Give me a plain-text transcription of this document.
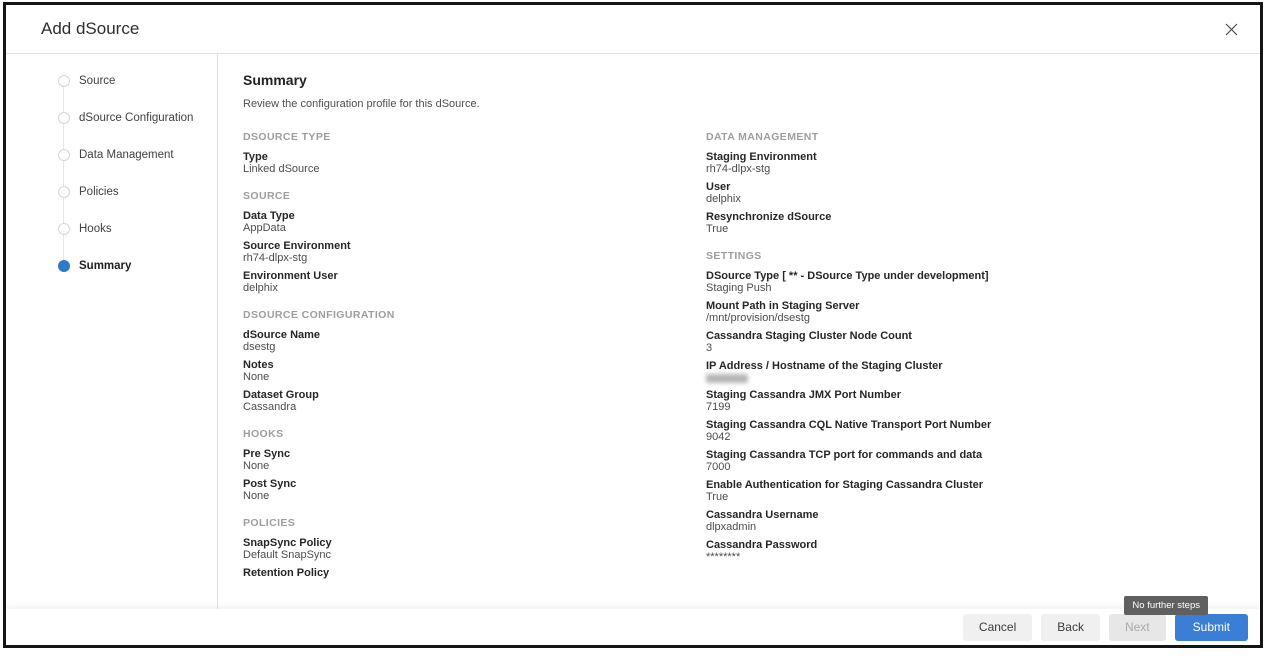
Add dSource
Source
dSource Configuration
Data Management
Policies
Hooks
Summary
Summary

Review the configuration profile for this dSource.

DSOURCE TYPE
Type
Linked dSource
SOURCE
Data Type
AppData
Source Environment
rh74-dlpx-stg
Environment User
delphix
DSOURCE CONFIGURATION
dSource Name
dsestg
Notes
None
Dataset Group
Cassandra
HOOKS
Pre Sync
None
Post Sync
None
POLICIES
SnapSync Policy
Default SnapSync
Retention Policy
DATA MANAGEMENT
Staging Environment
rh74-dlpx-stg
User
delphix
Resynchronize dSource
True
SETTINGS
DSource Type [ ** - DSource Type under development]
Staging Push
Mount Path in Staging Server
/mnt/provision/dsestg
Cassandra Staging Cluster Node Count
3
IP Address / Hostname of the Staging Cluster
Staging Cassandra JMX Port Number
7199
Staging Cassandra CQL Native Transport Port Number
9042
Staging Cassandra TCP port for commands and data
7000
Enable Authentication for Staging Cassandra Cluster
True
Cassandra Username
dlpxadmin
Cassandra Password
********
No further steps
Cancel	Back	Next	Submit
